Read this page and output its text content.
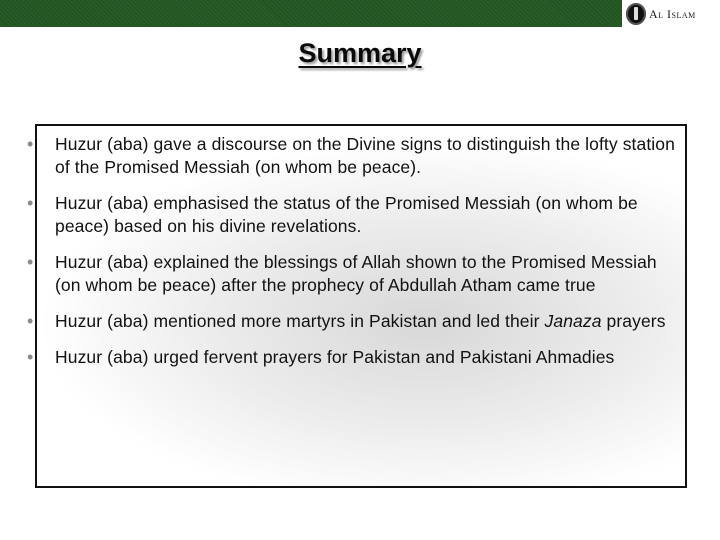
Al Islam
Summary
• Huzur (aba) gave a discourse on the Divine signs to distinguish the lofty station of the Promised Messiah (on whom be peace).
• Huzur (aba) emphasised the status of the Promised Messiah (on whom be peace) based on his divine revelations.
• Huzur (aba) explained the blessings of Allah shown to the Promised Messiah (on whom be peace) after the prophecy of Abdullah Atham came true
• Huzur (aba) mentioned more martyrs in Pakistan and led their Janaza prayers
• Huzur (aba) urged fervent prayers for Pakistan and Pakistani Ahmadies
